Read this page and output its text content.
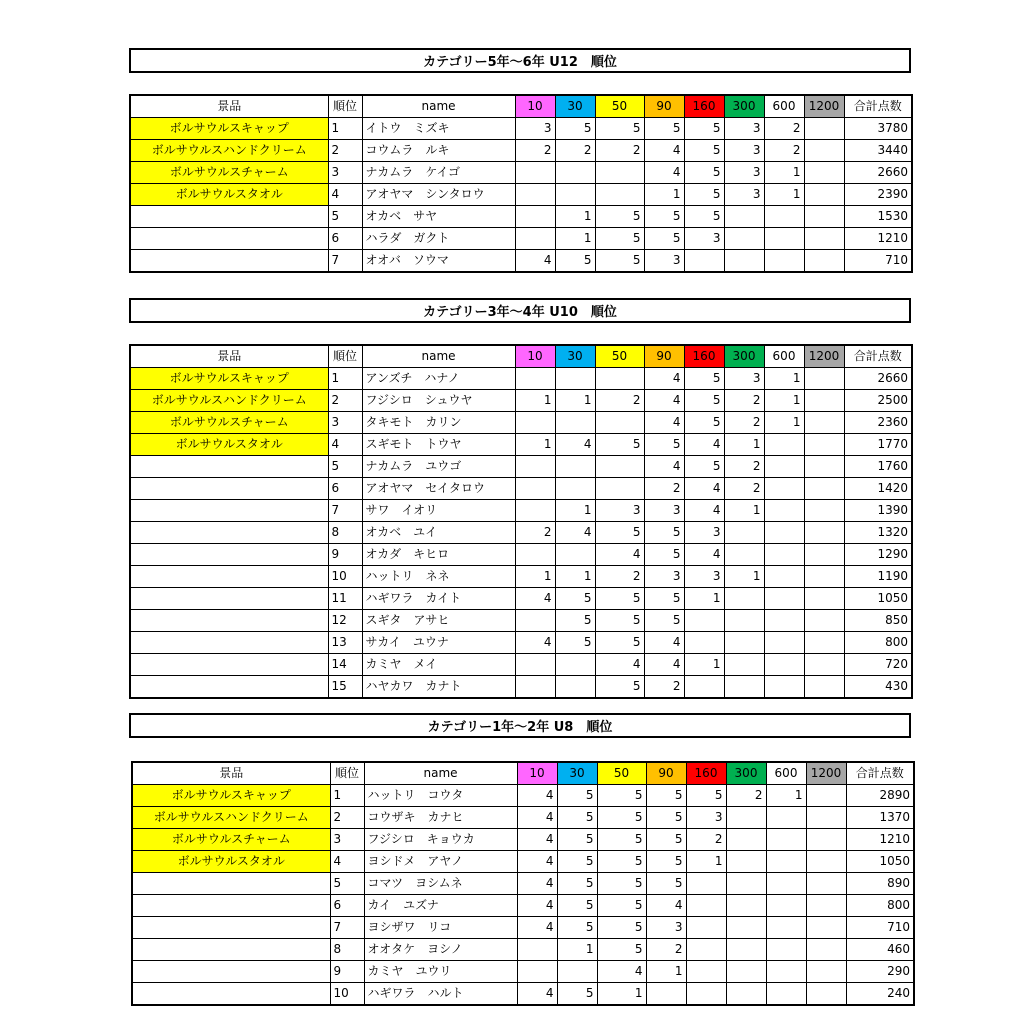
カテゴリー5年～6年 U12　順位
景品	順位	name	10	30	50	90	160	300	600	1200	合計点数
ボルサウルスキャップ	1	イトウ　ミズキ	3	5	5	5	5	3	2		3780
ボルサウルスハンドクリーム	2	コウムラ　ルキ	2	2	2	4	5	3	2		3440
ボルサウルスチャーム	3	ナカムラ　ケイゴ				4	5	3	1		2660
ボルサウルスタオル	4	アオヤマ　シンタロウ				1	5	3	1		2390
	5	オカベ　サヤ		1	5	5	5				1530
	6	ハラダ　ガクト		1	5	5	3				1210
	7	オオバ　ソウマ	4	5	5	3					710
カテゴリー3年～4年 U10　順位
景品	順位	name	10	30	50	90	160	300	600	1200	合計点数
ボルサウルスキャップ	1	アンズチ　ハナノ				4	5	3	1		2660
ボルサウルスハンドクリーム	2	フジシロ　シュウヤ	1	1	2	4	5	2	1		2500
ボルサウルスチャーム	3	タキモト　カリン				4	5	2	1		2360
ボルサウルスタオル	4	スギモト　トウヤ	1	4	5	5	4	1			1770
	5	ナカムラ　ユウゴ				4	5	2			1760
	6	アオヤマ　セイタロウ				2	4	2			1420
	7	サワ　イオリ		1	3	3	4	1			1390
	8	オカベ　ユイ	2	4	5	5	3				1320
	9	オカダ　キヒロ			4	5	4				1290
	10	ハットリ　ネネ	1	1	2	3	3	1			1190
	11	ハギワラ　カイト	4	5	5	5	1				1050
	12	スギタ　アサヒ		5	5	5					850
	13	サカイ　ユウナ	4	5	5	4					800
	14	カミヤ　メイ			4	4	1				720
	15	ハヤカワ　カナト			5	2					430
カテゴリー1年～2年 U8　順位
景品	順位	name	10	30	50	90	160	300	600	1200	合計点数
ボルサウルスキャップ	1	ハットリ　コウタ	4	5	5	5	5	2	1		2890
ボルサウルスハンドクリーム	2	コウザキ　カナヒ	4	5	5	5	3				1370
ボルサウルスチャーム	3	フジシロ　キョウカ	4	5	5	5	2				1210
ボルサウルスタオル	4	ヨシドメ　アヤノ	4	5	5	5	1				1050
	5	コマツ　ヨシムネ	4	5	5	5					890
	6	カイ　ユズナ	4	5	5	4					800
	7	ヨシザワ　リコ	4	5	5	3					710
	8	オオタケ　ヨシノ		1	5	2					460
	9	カミヤ　ユウリ			4	1					290
	10	ハギワラ　ハルト	4	5	1						240
